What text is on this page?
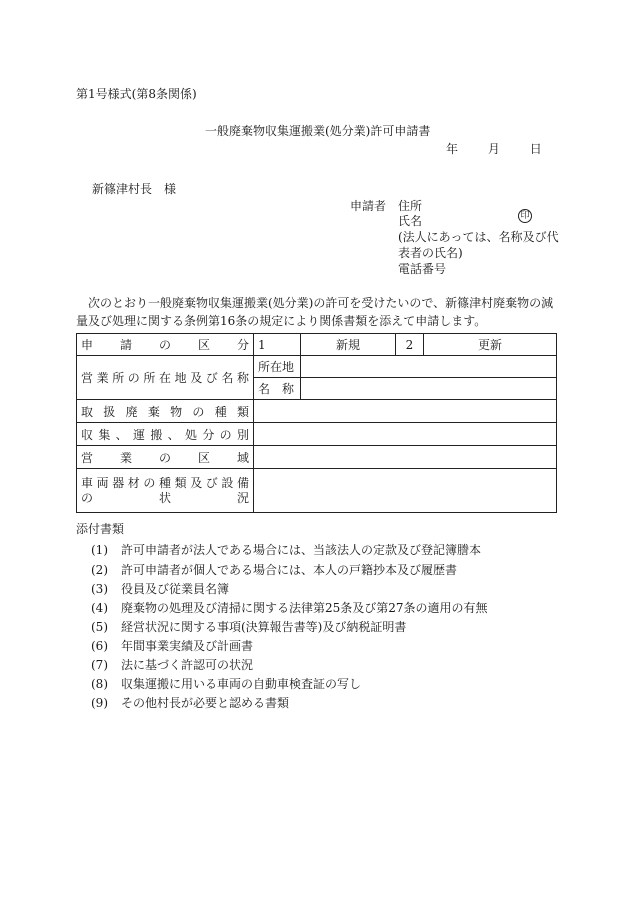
第1号様式(第8条関係)
一般廃棄物収集運搬業(処分業)許可申請書
年 月 日
新篠津村長　様
申請者 住所
氏名	印
(法人にあっては、名称及び代
表者の氏名)
電話番号
次のとおり一般廃棄物収集運搬業(処分業)の許可を受けたいので、新篠津村廃棄物の減量及び処理に関する条例第16条の規定により関係書類を添えて申請します。
申請の区分	1	新規	2	更新
営業所の所在地及び名称	所在地			
	名　称			
取扱廃棄物の種類				
収集、運搬、処分の別				
営業の区域				

車両器材の種類及び設備
の状況				

添付書類
(1) 許可申請者が法人である場合には、当該法人の定款及び登記簿謄本
(2) 許可申請者が個人である場合には、本人の戸籍抄本及び履歴書
(3) 役員及び従業員名簿
(4) 廃棄物の処理及び清掃に関する法律第25条及び第27条の適用の有無
(5) 経営状況に関する事項(決算報告書等)及び納税証明書
(6) 年間事業実績及び計画書
(7) 法に基づく許認可の状況
(8) 収集運搬に用いる車両の自動車検査証の写し
(9) その他村長が必要と認める書類
